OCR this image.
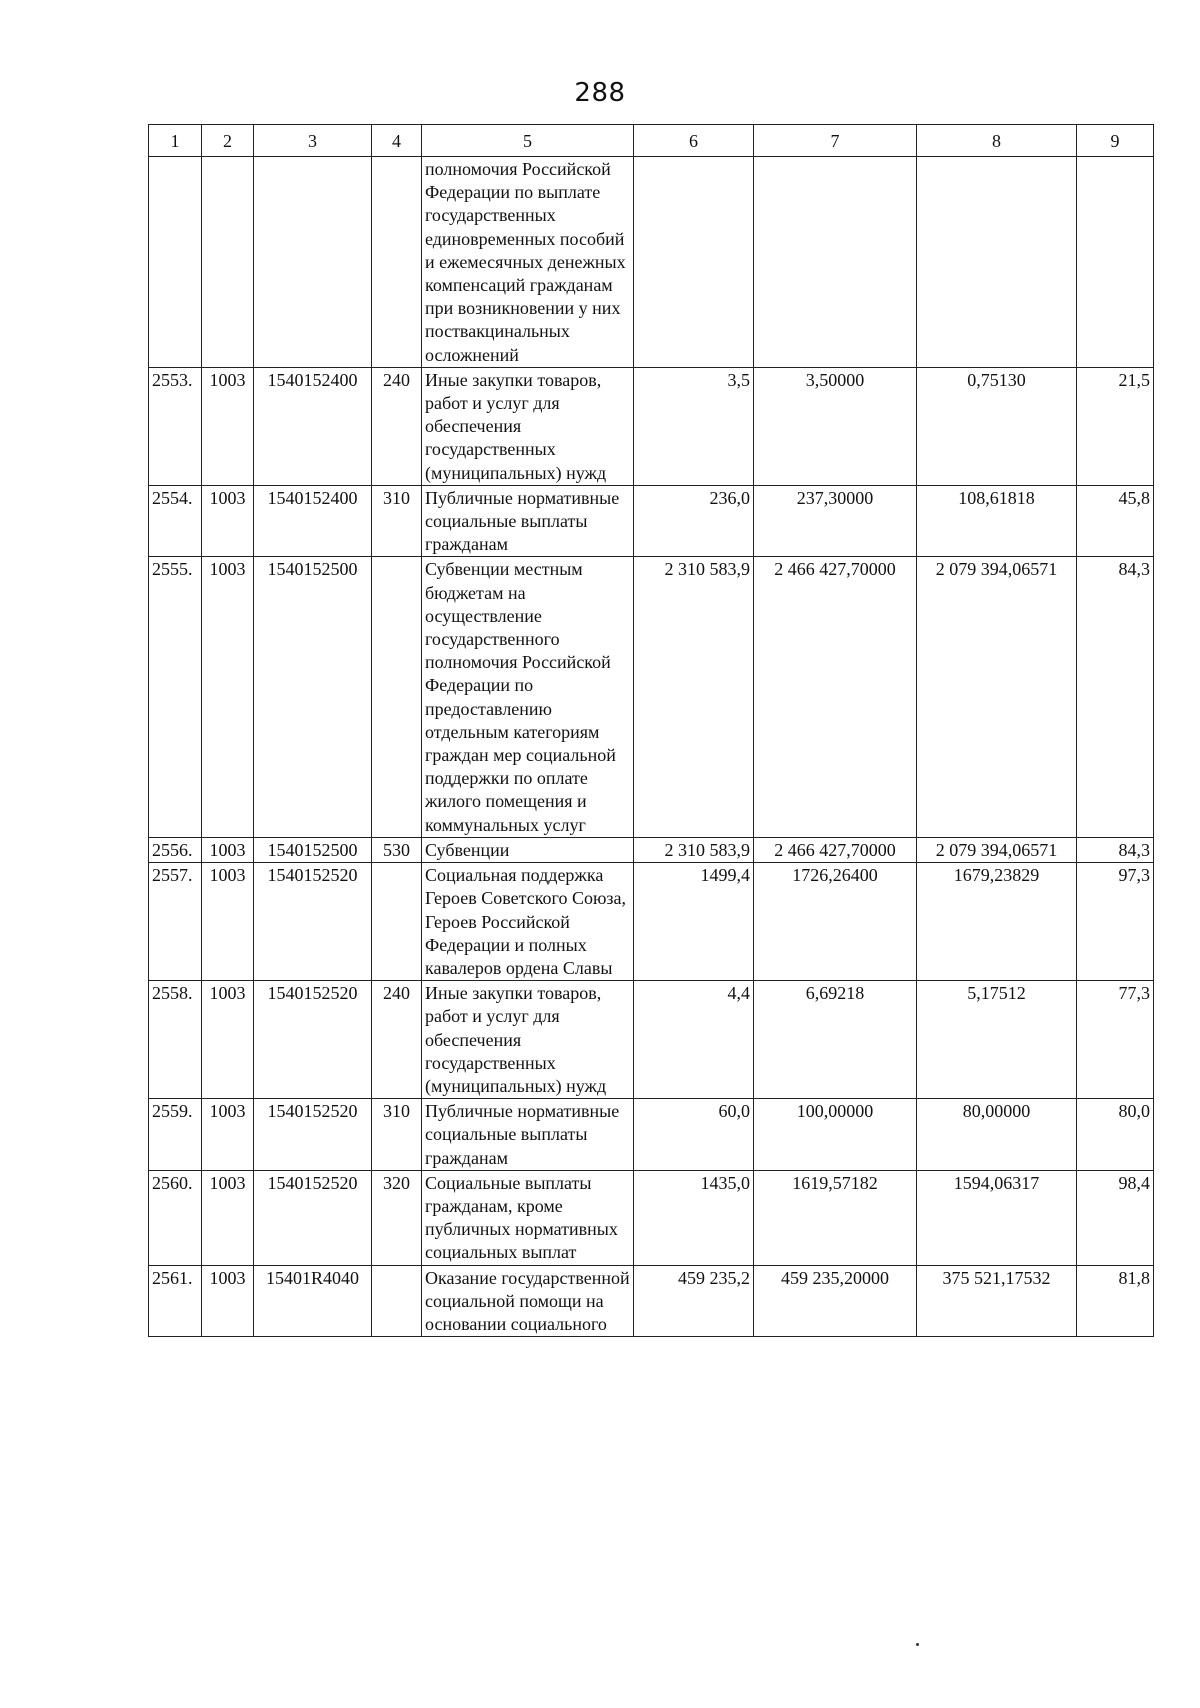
288
1	2	3	4	5	6	7	8	9
				полномочия Российской Федерации по выплате государственных единовременных пособий и ежемесячных денежных компенсаций гражданам при возникновении у них поствакцинальных осложнений				
2553.	1003	1540152400	240	Иные закупки товаров, работ и услуг для обеспечения государственных (муниципальных) нужд	3,5	3,50000	0,75130	21,5
2554.	1003	1540152400	310	Публичные нормативные социальные выплаты гражданам	236,0	237,30000	108,61818	45,8
2555.	1003	1540152500		Субвенции местным бюджетам на осуществление государственного полномочия Российской Федерации по предоставлению отдельным категориям граждан мер социальной поддержки по оплате жилого помещения и коммунальных услуг	2 310 583,9	2 466 427,70000	2 079 394,06571	84,3
2556.	1003	1540152500	530	Субвенции	2 310 583,9	2 466 427,70000	2 079 394,06571	84,3
2557.	1003	1540152520		Социальная поддержка Героев Советского Союза, Героев Российской Федерации и полных кавалеров ордена Славы	1499,4	1726,26400	1679,23829	97,3
2558.	1003	1540152520	240	Иные закупки товаров, работ и услуг для обеспечения государственных (муниципальных) нужд	4,4	6,69218	5,17512	77,3
2559.	1003	1540152520	310	Публичные нормативные социальные выплаты гражданам	60,0	100,00000	80,00000	80,0
2560.	1003	1540152520	320	Социальные выплаты гражданам, кроме публичных нормативных социальных выплат	1435,0	1619,57182	1594,06317	98,4
2561.	1003	15401R4040		Оказание государственной социальной помощи на основании социального	459 235,2	459 235,20000	375 521,17532	81,8
